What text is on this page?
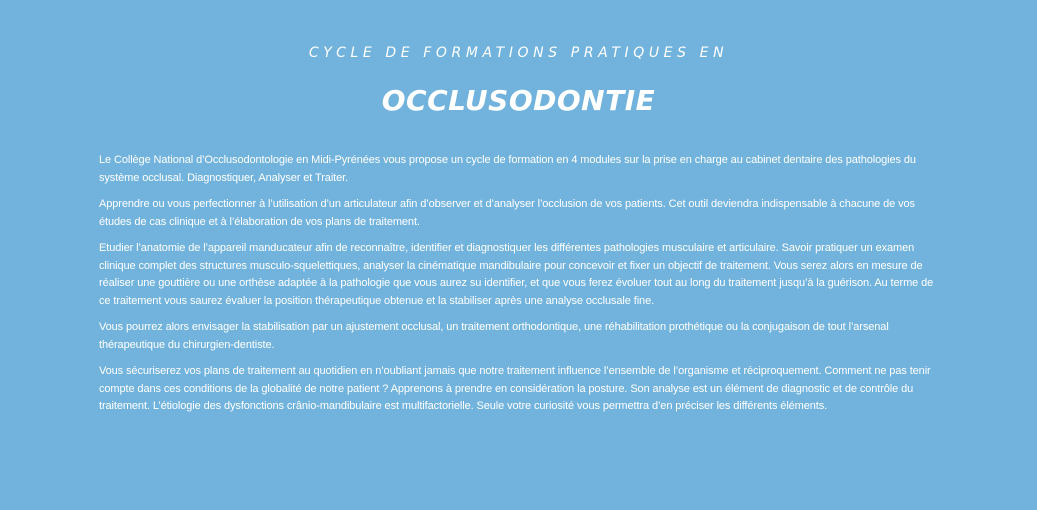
CYCLE DE FORMATIONS PRATIQUES EN
OCCLUSODONTIE

Le Collège National d’Occlusodontologie en Midi-Pyrénées vous propose un cycle de formation en 4 modules sur la prise en charge au cabinet dentaire des pathologies du système occlusal. Diagnostiquer, Analyser et Traiter.

Apprendre ou vous perfectionner à l’utilisation d’un articulateur afin d’observer et d’analyser l’occlusion de vos patients. Cet outil deviendra indispensable à chacune de vos études de cas clinique et à l’élaboration de vos plans de traitement.

Etudier l’anatomie de l’appareil manducateur afin de reconnaître, identifier et diagnostiquer les différentes pathologies musculaire et articulaire. Savoir pratiquer un examen clinique complet des structures musculo-squelettiques, analyser la cinématique mandibulaire pour concevoir et fixer un objectif de traitement. Vous serez alors en mesure de réaliser une gouttière ou une orthèse adaptée à la pathologie que vous aurez su identifier, et que vous ferez évoluer tout au long du traitement jusqu’à la guérison. Au terme de ce traitement vous saurez évaluer la position thérapeutique obtenue et la stabiliser après une analyse occlusale fine.

Vous pourrez alors envisager la stabilisation par un ajustement occlusal, un traitement orthodontique, une réhabilitation prothétique ou la conjugaison de tout l’arsenal thérapeutique du chirurgien-dentiste.

Vous sécuriserez vos plans de traitement au quotidien en n’oubliant jamais que notre traitement influence l’ensemble de l’organisme et réciproquement. Comment ne pas tenir compte dans ces conditions de la globalité de notre patient ? Apprenons à prendre en considération la posture. Son analyse est un élément de diagnostic et de contrôle du traitement. L’étiologie des dysfonctions crânio-mandibulaire est multifactorielle. Seule votre curiosité vous permettra d’en préciser les différents éléments.
